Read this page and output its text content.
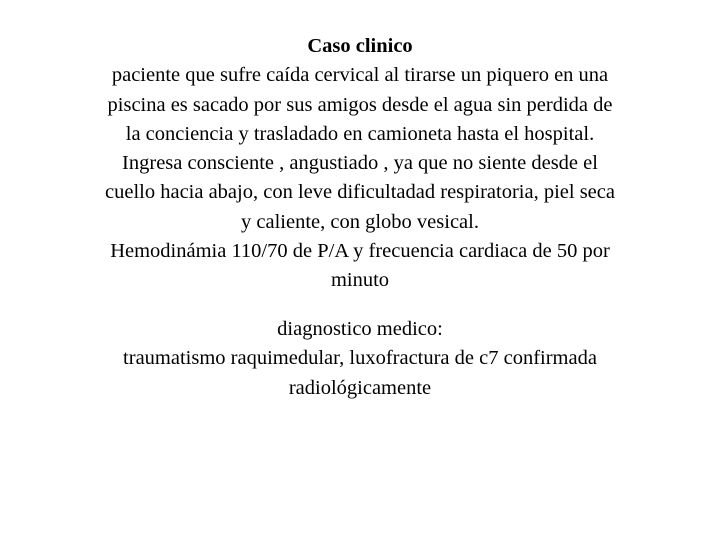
Caso clinico
paciente que sufre caída cervical al tirarse un piquero en una
piscina es sacado por sus amigos desde el agua sin perdida de
la conciencia y trasladado en camioneta hasta el hospital.
Ingresa consciente , angustiado , ya que no siente desde el
cuello hacia abajo, con leve dificultadad respiratoria, piel seca
y caliente, con globo vesical.
Hemodinámia 110/70 de P/A y frecuencia cardiaca de 50 por
minuto
diagnostico medico:
traumatismo raquimedular, luxofractura de c7 confirmada
radiológicamente
